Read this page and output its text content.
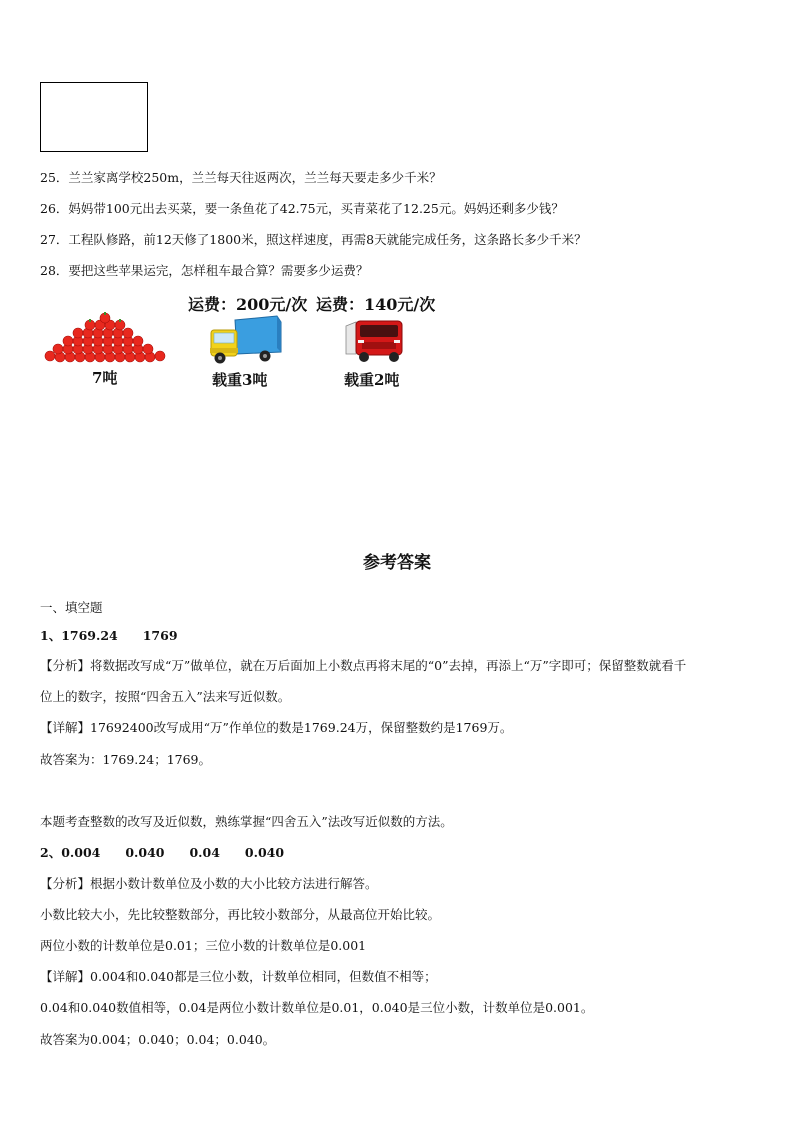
25．兰兰家离学校250m，兰兰每天往返两次，兰兰每天要走多少千米？
26．妈妈带100元出去买菜，要一条鱼花了42.75元，买青菜花了12.25元。妈妈还剩多少钱？
27．工程队修路，前12天修了1800米，照这样速度，再需8天就能完成任务，这条路长多少千米？
28．要把这些苹果运完，怎样租车最合算？需要多少运费？
运费：200元/次 运费：140元/次
7吨	载重3吨	载重2吨
参考答案
一、填空题
1、1769.24　　1769
【分析】将数据改写成“万”做单位，就在万后面加上小数点再将末尾的“0”去掉，再添上“万”字即可；保留整数就看千
位上的数字，按照“四舍五入”法来写近似数。
【详解】17692400改写成用“万”作单位的数是1769.24万，保留整数约是1769万。
故答案为：1769.24；1769。
本题考查整数的改写及近似数，熟练掌握“四舍五入”法改写近似数的方法。
2、0.004　　0.040　　0.04　　0.040
【分析】根据小数计数单位及小数的大小比较方法进行解答。
小数比较大小，先比较整数部分，再比较小数部分，从最高位开始比较。
两位小数的计数单位是0.01；三位小数的计数单位是0.001
【详解】0.004和0.040都是三位小数，计数单位相同，但数值不相等；
0.04和0.040数值相等，0.04是两位小数计数单位是0.01，0.040是三位小数，计数单位是0.001。
故答案为0.004；0.040；0.04；0.040。
